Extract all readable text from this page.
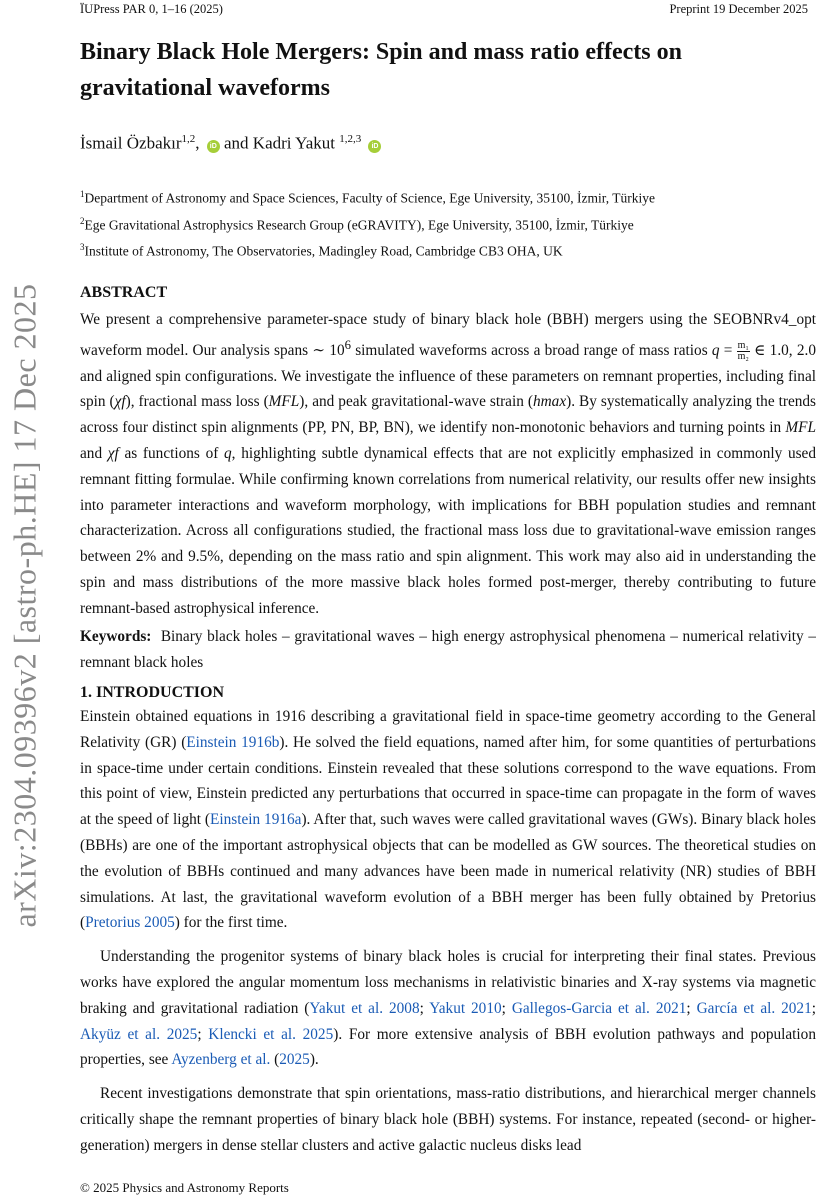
ÏUPress PAR 0, 1–16 (2025)	Preprint 19 December 2025
arXiv:2304.09396v2 [astro-ph.HE] 17 Dec 2025
Binary Black Hole Mergers: Spin and mass ratio effects on gravitational waveforms
İsmail Özbakır$^{1,2}$, iD and Kadri Yakut $^{1,2,3}$ iD
$^1$Department of Astronomy and Space Sciences, Faculty of Science, Ege University, 35100, İzmir, Türkiye
$^2$Ege Gravitational Astrophysics Research Group (eGRAVITY), Ege University, 35100, İzmir, Türkiye
$^3$Institute of Astronomy, The Observatories, Madingley Road, Cambridge CB3 OHA, UK
ABSTRACT

We present a comprehensive parameter-space study of binary black hole (BBH) mergers using the SEOBNRv4_opt waveform model. Our analysis spans ∼ $10^6$ simulated waveforms across a broad range of mass ratios $q = \frac{\text{m₁}}{\text{m₂}}$ ∈ 1.0, 2.0 and aligned spin configurations. We investigate the influence of these parameters on remnant properties, including final spin (χf), fractional mass loss (MFL), and peak gravitational-wave strain (hmax). By systematically analyzing the trends across four distinct spin alignments (PP, PN, BP, BN), we identify non-monotonic behaviors and turning points in MFL and χf as functions of q, highlighting subtle dynamical effects that are not explicitly emphasized in commonly used remnant fitting formulae. While confirming known correlations from numerical relativity, our results offer new insights into parameter interactions and waveform morphology, with implications for BBH population studies and remnant characterization. Across all configurations studied, the fractional mass loss due to gravitational-wave emission ranges between 2% and 9.5%, depending on the mass ratio and spin alignment. This work may also aid in understanding the spin and mass distributions of the more massive black holes formed post-merger, thereby contributing to future remnant-based astrophysical inference.

Keywords: Binary black holes – gravitational waves – high energy astrophysical phenomena – numerical relativity –remnant black holes

1. INTRODUCTION

Einstein obtained equations in 1916 describing a gravitational field in space-time geometry according to the General Relativity (GR) (Einstein 1916b). He solved the field equations, named after him, for some quantities of perturbations in space-time under certain conditions. Einstein revealed that these solutions correspond to the wave equations. From this point of view, Einstein predicted any perturbations that occurred in space-time can propagate in the form of waves at the speed of light (Einstein 1916a). After that, such waves were called gravitational waves (GWs). Binary black holes (BBHs) are one of the important astrophysical objects that can be modelled as GW sources. The theoretical studies on the evolution of BBHs continued and many advances have been made in numerical relativity (NR) studies of BBH simulations. At last, the gravitational waveform evolution of a BBH merger has been fully obtained by Pretorius (Pretorius 2005) for the first time.

Understanding the progenitor systems of binary black holes is crucial for interpreting their final states. Previous works have explored the angular momentum loss mechanisms in relativistic binaries and X-ray systems via magnetic braking and gravitational radiation (Yakut et al. 2008; Yakut 2010; Gallegos-Garcia et al. 2021; García et al. 2021; Akyüz et al. 2025; Klencki et al. 2025). For more extensive analysis of BBH evolution pathways and population properties, see Ayzenberg et al. (2025).

Recent investigations demonstrate that spin orientations, mass-ratio distributions, and hierarchical merger channels critically shape the remnant properties of binary black hole (BBH) systems. For instance, repeated (second- or higher-generation) mergers in dense stellar clusters and active galactic nucleus disks lead

© 2025 Physics and Astronomy Reports
